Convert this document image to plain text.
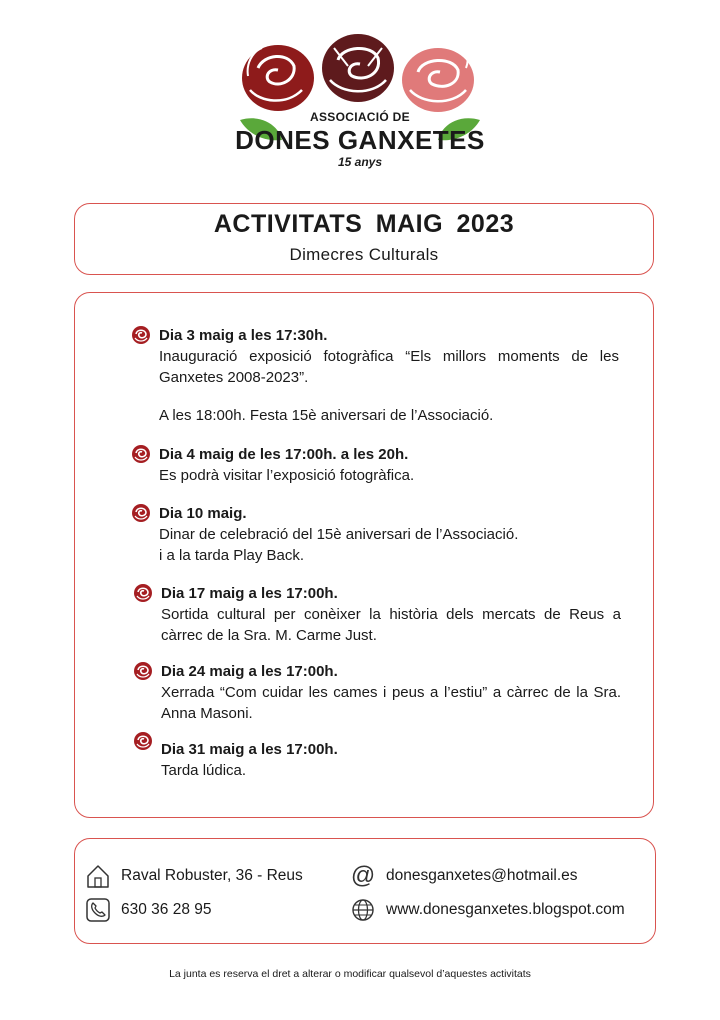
ASSOCIACIÓ DE
DONES GANXETES
15 anys
ACTIVITATS MAIG 2023
Dimecres Culturals
Dia 3 maig a les 17:30h.
Inauguració exposició fotogràfica “Els millors moments de les Ganxetes 2008-2023”.
A les 18:00h. Festa 15è aniversari de l’Associació.
Dia 4 maig de les 17:00h. a les 20h.
Es podrà visitar l’exposició fotogràfica.
Dia 10 maig.
Dinar de celebració del 15è aniversari de l’Associació.
i a la tarda Play Back.
Dia 17 maig a les 17:00h.
Sortida cultural per conèixer la història dels mercats de Reus a càrrec de la Sra. M. Carme Just.
Dia 24 maig a les 17:00h.
Xerrada “Com cuidar les cames i peus a l’estiu” a càrrec de la Sra. Anna Masoni.
Dia 31 maig a les 17:00h.
Tarda lúdica.
Raval Robuster, 36 - Reus
630 36 28 95
@ donesganxetes@hotmail.es
www.donesganxetes.blogspot.com
La junta es reserva el dret a alterar o modificar qualsevol d’aquestes activitats
